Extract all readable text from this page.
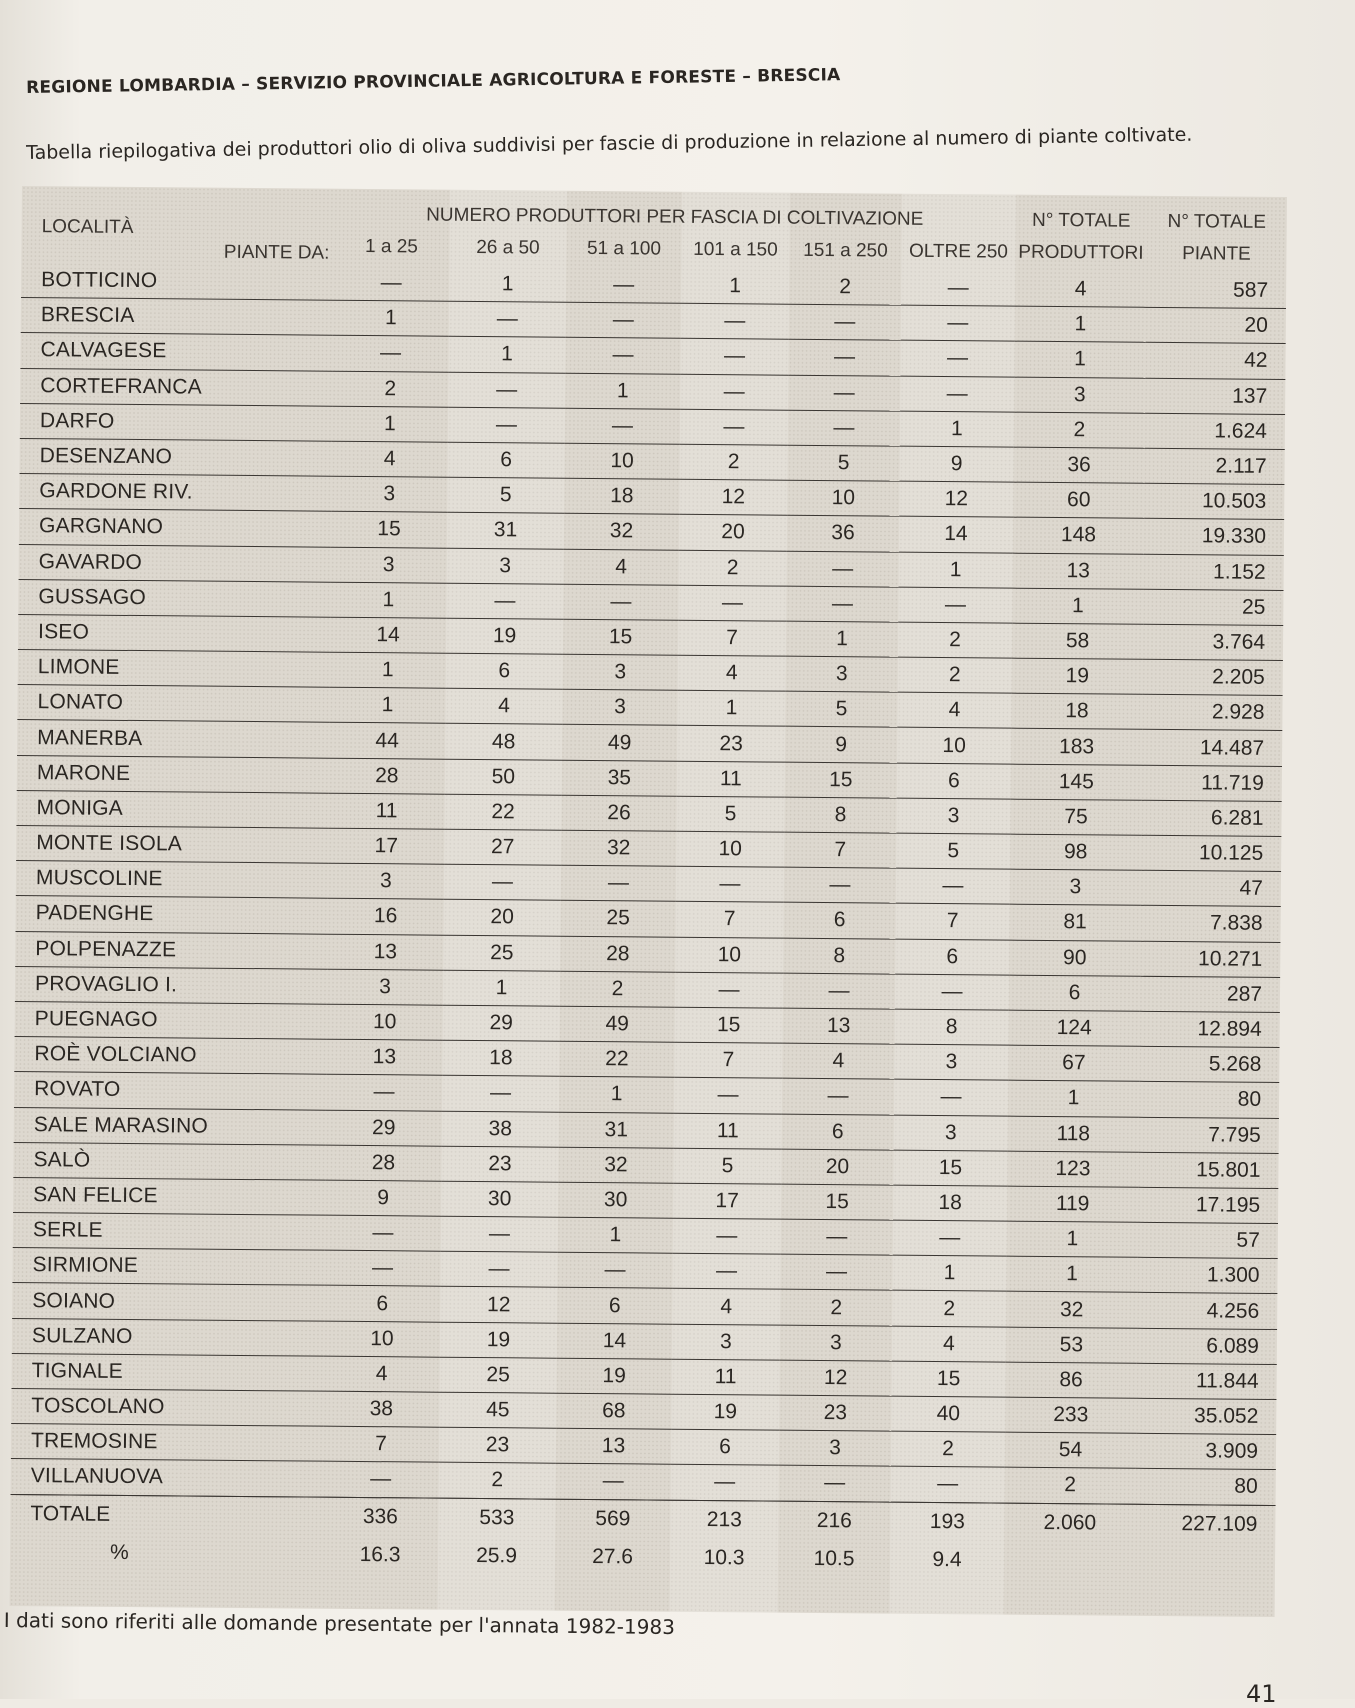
REGIONE LOMBARDIA – SERVIZIO PROVINCIALE AGRICOLTURA E FORESTE – BRESCIA
Tabella riepilogativa dei produttori olio di oliva suddivisi per fascie di produzione in relazione al numero di piante coltivate.
LOCALITÀ
PIANTE DA:	NUMERO PRODUTTORI PER FASCIA DI COLTIVAZIONE						N° TOTALE	N° TOTALE
	1 a 25	26 a 50	51 a 100	101 a 150	151 a 250	OLTRE 250	PRODUTTORI	PIANTE
BOTTICINO	—	1	—	1	2	—	4	587
BRESCIA	1	—	—	—	—	—	1	20
CALVAGESE	—	1	—	—	—	—	1	42
CORTEFRANCA	2	—	1	—	—	—	3	137
DARFO	1	—	—	—	—	1	2	1.624
DESENZANO	4	6	10	2	5	9	36	2.117
GARDONE RIV.	3	5	18	12	10	12	60	10.503
GARGNANO	15	31	32	20	36	14	148	19.330
GAVARDO	3	3	4	2	—	1	13	1.152
GUSSAGO	1	—	—	—	—	—	1	25
ISEO	14	19	15	7	1	2	58	3.764
LIMONE	1	6	3	4	3	2	19	2.205
LONATO	1	4	3	1	5	4	18	2.928
MANERBA	44	48	49	23	9	10	183	14.487
MARONE	28	50	35	11	15	6	145	11.719
MONIGA	11	22	26	5	8	3	75	6.281
MONTE ISOLA	17	27	32	10	7	5	98	10.125
MUSCOLINE	3	—	—	—	—	—	3	47
PADENGHE	16	20	25	7	6	7	81	7.838
POLPENAZZE	13	25	28	10	8	6	90	10.271
PROVAGLIO I.	3	1	2	—	—	—	6	287
PUEGNAGO	10	29	49	15	13	8	124	12.894
ROÈ VOLCIANO	13	18	22	7	4	3	67	5.268
ROVATO	—	—	1	—	—	—	1	80
SALE MARASINO	29	38	31	11	6	3	118	7.795
SALÒ	28	23	32	5	20	15	123	15.801
SAN FELICE	9	30	30	17	15	18	119	17.195
SERLE	—	—	1	—	—	—	1	57
SIRMIONE	—	—	—	—	—	1	1	1.300
SOIANO	6	12	6	4	2	2	32	4.256
SULZANO	10	19	14	3	3	4	53	6.089
TIGNALE	4	25	19	11	12	15	86	11.844
TOSCOLANO	38	45	68	19	23	40	233	35.052
TREMOSINE	7	23	13	6	3	2	54	3.909
VILLANUOVA	—	2	—	—	—	—	2	80
TOTALE	336	533	569	213	216	193	2.060	227.109
%	16.3	25.9	27.6	10.3	10.5	9.4		
I dati sono riferiti alle domande presentate per l'annata 1982-1983
41
